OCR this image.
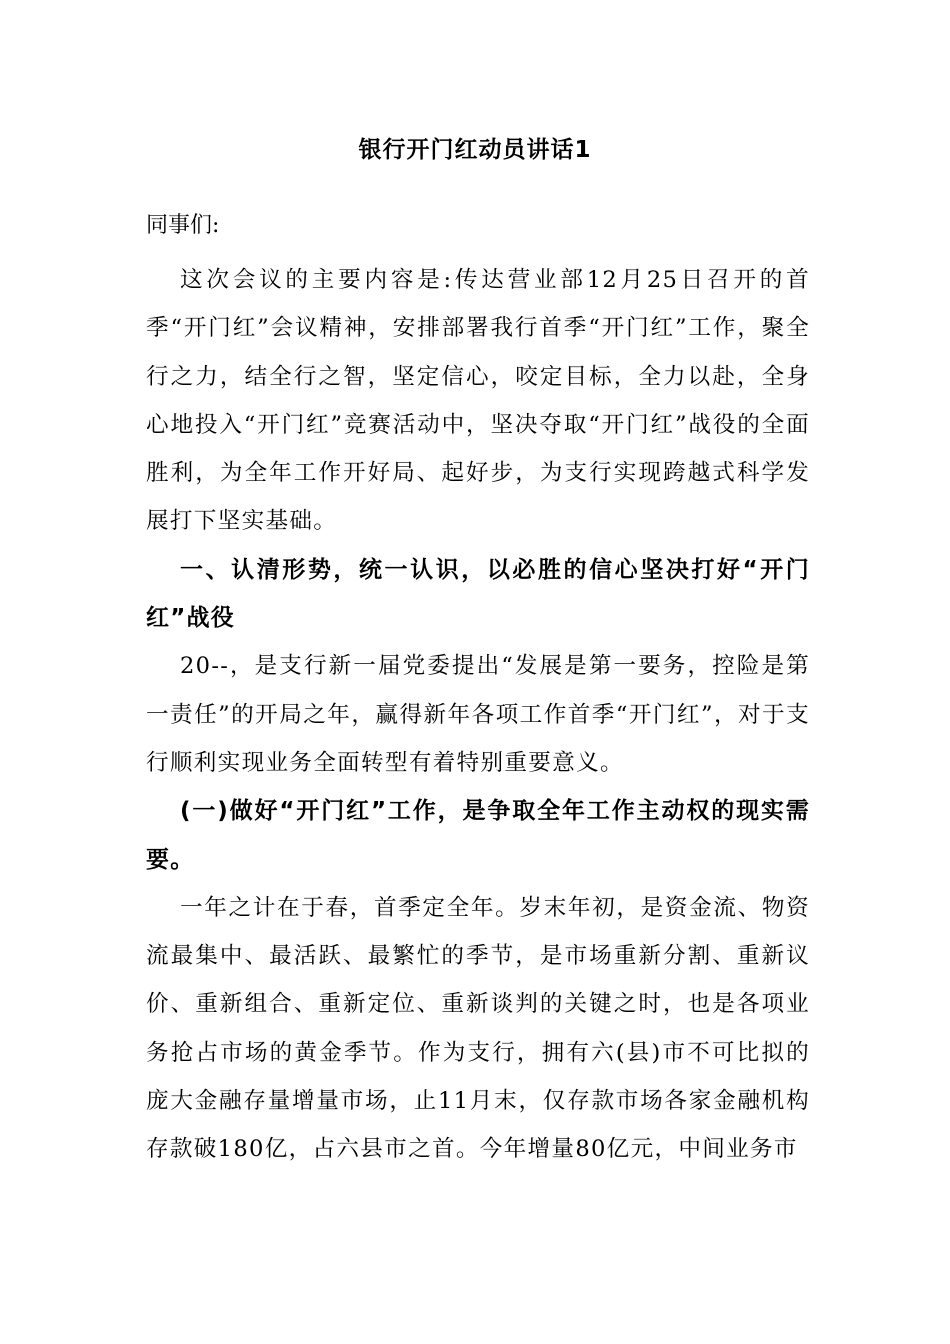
银行开门红动员讲话1
同事们:

这次会议的主要内容是:传达营业部12月25日召开的首季“开门红”会议精神，安排部署我行首季“开门红”工作，聚全行之力，结全行之智，坚定信心，咬定目标，全力以赴，全身心地投入“开门红”竞赛活动中，坚决夺取“开门红”战役的全面胜利，为全年工作开好局、起好步，为支行实现跨越式科学发展打下坚实基础。

一、认清形势，统一认识，以必胜的信心坚决打好“开门红”战役

20--，是支行新一届党委提出“发展是第一要务，控险是第一责任”的开局之年，赢得新年各项工作首季“开门红”，对于支行顺利实现业务全面转型有着特别重要意义。

(一)做好“开门红”工作，是争取全年工作主动权的现实需要。

一年之计在于春，首季定全年。岁末年初，是资金流、物资流最集中、最活跃、最繁忙的季节，是市场重新分割、重新议价、重新组合、重新定位、重新谈判的关键之时，也是各项业务抢占市场的黄金季节。作为支行，拥有六(县)市不可比拟的庞大金融存量增量市场，止11月末，仅存款市场各家金融机构存款破180亿，占六县市之首。今年增量80亿元，中间业务市
